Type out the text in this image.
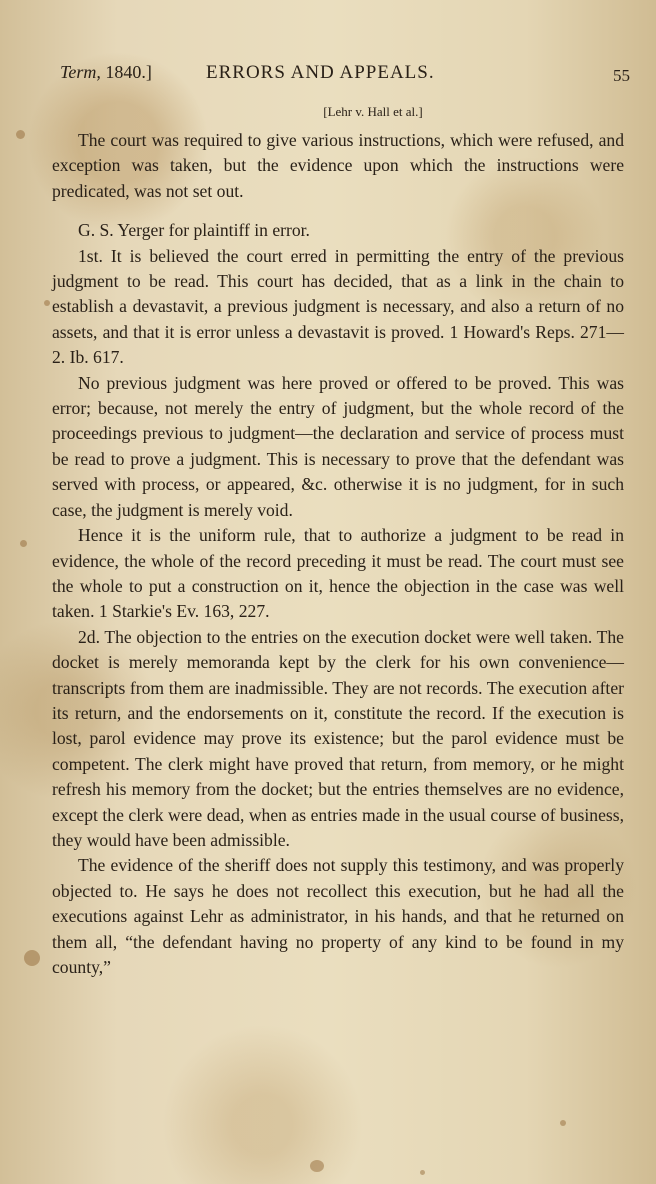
Term, 1840.]	ERRORS AND APPEALS.	55
[Lehr v. Hall et al.]

The court was required to give various instructions, which were refused, and exception was taken, but the evidence upon which the instructions were predicated, was not set out.

G. S. Yerger for plaintiff in error.

1st. It is believed the court erred in permitting the entry of the previous judgment to be read. This court has decided, that as a link in the chain to establish a devastavit, a previous judgment is necessary, and also a return of no assets, and that it is error unless a devastavit is proved. 1 Howard's Reps. 271—2. Ib. 617.

No previous judgment was here proved or offered to be proved. This was error; because, not merely the entry of judgment, but the whole record of the proceedings previous to judgment—the declaration and service of process must be read to prove a judgment. This is necessary to prove that the defendant was served with process, or appeared, &c. otherwise it is no judgment, for in such case, the judgment is merely void.

Hence it is the uniform rule, that to authorize a judgment to be read in evidence, the whole of the record preceding it must be read. The court must see the whole to put a construction on it, hence the objection in the case was well taken. 1 Starkie's Ev. 163, 227.

2d. The objection to the entries on the execution docket were well taken. The docket is merely memoranda kept by the clerk for his own convenience—transcripts from them are inadmissible. They are not records. The execution after its return, and the endorsements on it, constitute the record. If the execution is lost, parol evidence may prove its existence; but the parol evidence must be competent. The clerk might have proved that return, from memory, or he might refresh his memory from the docket; but the entries themselves are no evidence, except the clerk were dead, when as entries made in the usual course of business, they would have been admissible.

The evidence of the sheriff does not supply this testimony, and was properly objected to. He says he does not recollect this execution, but he had all the executions against Lehr as administrator, in his hands, and that he returned on them all, “the defendant having no property of any kind to be found in my county,”
